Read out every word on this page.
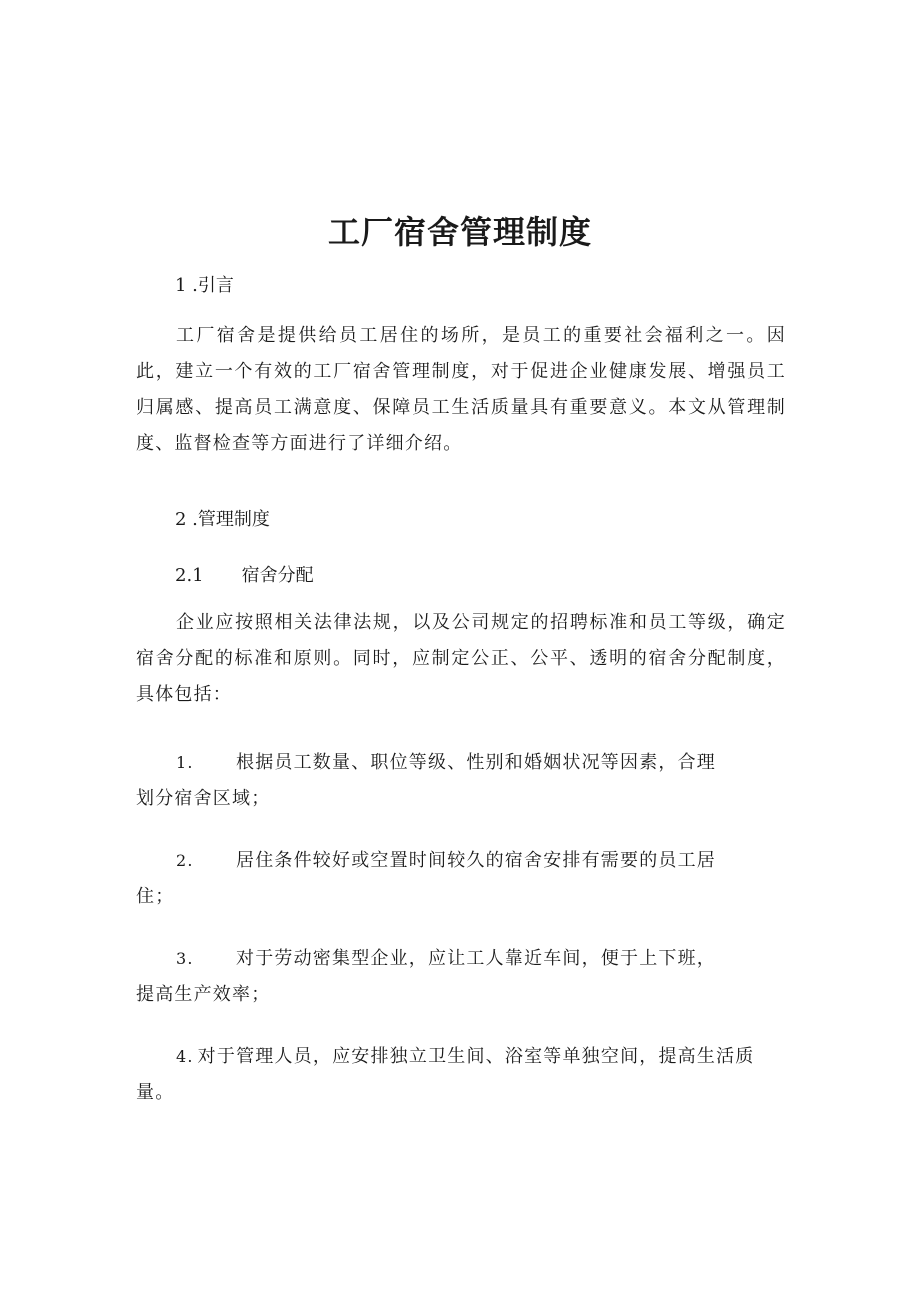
工厂宿舍管理制度

1 .引言

工厂宿舍是提供给员工居住的场所，是员工的重要社会福利之一。因此，建立一个有效的工厂宿舍管理制度，对于促进企业健康发展、增强员工归属感、提高员工满意度、保障员工生活质量具有重要意义。本文从管理制度、监督检查等方面进行了详细介绍。

2 .管理制度

2.1 宿舍分配

企业应按照相关法律法规，以及公司规定的招聘标准和员工等级，确定宿舍分配的标准和原则。同时，应制定公正、公平、透明的宿舍分配制度，具体包括：

1. 根据员工数量、职位等级、性别和婚姻状况等因素，合理
划分宿舍区域；
2. 居住条件较好或空置时间较久的宿舍安排有需要的员工居
住；
3. 对于劳动密集型企业，应让工人靠近车间，便于上下班，
提高生产效率；
4. 对于管理人员，应安排独立卫生间、浴室等单独空间，提高生活质
量。
